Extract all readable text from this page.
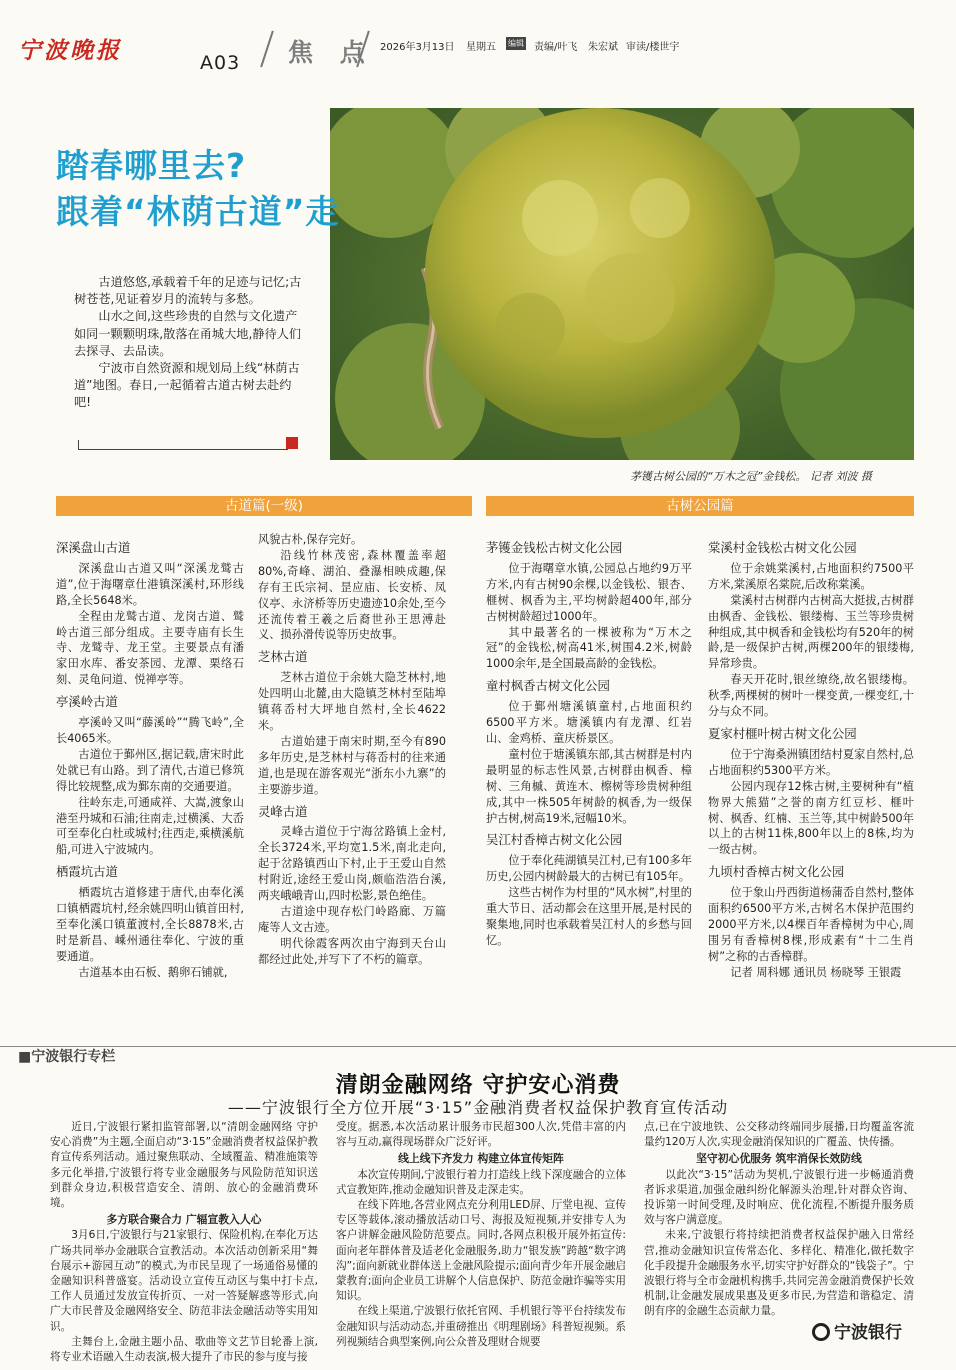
宁波晚报	A03 焦 点 2026年3月13日 星期五 编辑 责编/叶飞 朱宏斌 审读/楼世宇
踏春哪里去?
跟着“林荫古道”走

古道悠悠,承载着千年的足迹与记忆;古树苍苍,见证着岁月的流转与多愁。

山水之间,这些珍贵的自然与文化遗产如同一颗颗明珠,散落在甬城大地,静待人们去探寻、去品读。

宁波市自然资源和规划局上线“林荫古道”地图。春日,一起循着古道古树去赴约吧!

茅镬古树公园的“万木之冠”金钱松。 记者 刘波 摄
古道篇(一级)	古树公园篇
深溪盘山古道

深溪盘山古道又叫“深溪龙鹫古道”,位于海曙章仕港镇深溪村,环形线路,全长5648米。

全程由龙鹫古道、龙岗古道、鹫岭古道三部分组成。主要寺庙有长生寺、龙鹫寺、龙王堂。主要景点有潘家田水库、番安茶园、龙潭、栗络石刻、灵龟问道、悦禅亭等。

亭溪岭古道

亭溪岭又叫“藤溪岭”“腾飞岭”,全长4065米。

古道位于鄞州区,据记载,唐宋时此处就已有山路。到了清代,古道已修筑得比较规整,成为鄞东南的交通要道。

往岭东走,可通咸祥、大嵩,渡象山港至丹城和石浦;往南走,过横溪、大岙可至奉化白杜或城村;往西走,乘横溪航船,可进入宁波城内。

栖霞坑古道

栖霞坑古道修建于唐代,由奉化溪口镇栖霞坑村,经余姚四明山镇首田村,至奉化溪口镇董渡村,全长8878米,古时是新昌、嵊州通往奉化、宁波的重要通道。

古道基本由石板、鹅卵石铺就,

风貌古朴,保存完好。

沿线竹林茂密,森林覆盖率超80%,奇峰、湖泊、叠瀑相映成趣,保存有王氏宗祠、昰应庙、长安桥、凤仪亭、永济桥等历史遗迹10余处,至今还流传着王羲之后裔世孙王思溥赴义、损孙滑传说等历史故事。

芝林古道

芝林古道位于余姚大隐芝林村,地处四明山北麓,由大隐镇芝林村至陆埠镇蒋岙村大坪地自然村,全长4622米。

古道始建于南宋时期,至今有890多年历史,是芝林村与蒋岙村的往来通道,也是现在游客观光“浙东小九寨”的主要游步道。

灵峰古道

灵峰古道位于宁海岔路镇上金村,全长3724米,平均宽1.5米,南北走向,起于岔路镇西山下村,止于王爱山自然村附近,途经王爱山岗,颇临浩浩台溪,两夹峨峨青山,四时松影,景色绝佳。

古道途中现存松门岭路廊、万篇庵等人文古迹。

明代徐霞客两次由宁海到天台山都经过此处,并写下了不朽的篇章。

茅镬金钱松古树文化公园

位于海曙章水镇,公园总占地约9万平方米,内有古树90余棵,以金钱松、银杏、榧树、枫香为主,平均树龄超400年,部分古树树龄超过1000年。

其中最著名的一棵被称为“万木之冠”的金钱松,树高41米,树围4.2米,树龄1000余年,是全国最高龄的金钱松。

童村枫香古树文化公园

位于鄞州塘溪镇童村,占地面积约6500平方米。塘溪镇内有龙潭、红岩山、金鸡桥、童庆桥景区。

童村位于塘溪镇东部,其古树群是村内最明显的标志性风景,古树群由枫香、樟树、三角槭、黄连木、檫树等珍贵树种组成,其中一株505年树龄的枫香,为一级保护古树,树高19米,冠幅10米。

吴江村香樟古树文化公园

位于奉化莼湖镇吴江村,已有100多年历史,公园内树龄最大的古树已有105年。

这些古树作为村里的“风水树”,村里的重大节日、活动都会在这里开展,是村民的聚集地,同时也承载着吴江村人的乡愁与回忆。

棠溪村金钱松古树文化公园

位于余姚棠溪村,占地面积约7500平方米,棠溪原名棠院,后改称棠溪。

棠溪村古树群内古树高大挺拔,古树群由枫香、金钱松、银缕梅、玉兰等珍贵树种组成,其中枫香和金钱松均有520年的树龄,是一级保护古树,两棵200年的银缕梅,异常珍贵。

春天开花时,银丝缭绕,故名银缕梅。秋季,两棵树的树叶一棵变黄,一棵变红,十分与众不同。

夏家村榧叶树古树文化公园

位于宁海桑洲镇团结村夏家自然村,总占地面积约5300平方米。

公园内现存12株古树,主要树种有“植物界大熊猫”之誉的南方红豆杉、榧叶树、枫香、红楠、玉兰等,其中树龄500年以上的古树11株,800年以上的8株,均为一级古树。

九顷村香樟古树文化公园

位于象山丹西街道杨蒲岙自然村,整体面积约6500平方米,古树名木保护范围约2000平方米,以4棵百年香樟树为中心,周围另有香樟树8棵,形成素有“十二生肖树”之称的古香樟群。

记者 周科娜 通讯员 杨晓琴 王银霞

■宁波银行专栏
清朗金融网络 守护安心消费
——宁波银行全方位开展“3·15”金融消费者权益保护教育宣传活动

近日,宁波银行紧扣监管部署,以“清朗金融网络 守护安心消费”为主题,全面启动“3·15”金融消费者权益保护教育宣传系列活动。通过聚焦联动、全域覆盖、精准施策等多元化举措,宁波银行将专业金融服务与风险防范知识送到群众身边,积极营造安全、清朗、放心的金融消费环境。

多方联合聚合力 广辐宣教入人心

3月6日,宁波银行与21家银行、保险机构,在奉化万达广场共同举办金融联合宣教活动。本次活动创新采用“舞台展示+游园互动”的模式,为市民呈现了一场通俗易懂的金融知识科普盛宴。活动设立宣传互动区与集中打卡点,工作人员通过发放宣传折页、一对一答疑解惑等形式,向广大市民普及金融网络安全、防范非法金融活动等实用知识。

主舞台上,金融主题小品、歌曲等文艺节目轮番上演,将专业术语融入生动表演,极大提升了市民的参与度与接

受度。据悉,本次活动累计服务市民超300人次,凭借丰富的内容与互动,赢得现场群众广泛好评。

线上线下齐发力 构建立体宣传矩阵

本次宣传期间,宁波银行着力打造线上线下深度融合的立体式宣教矩阵,推动金融知识普及走深走实。

在线下阵地,各营业网点充分利用LED屏、厅堂电视、宣传专区等载体,滚动播放活动口号、海报及短视频,并安排专人为客户讲解金融风险防范要点。同时,各网点积极开展外拓宣传:面向老年群体普及适老化金融服务,助力“银发族”跨越“数字鸿沟”;面向新就业群体送上金融风险提示;面向青少年开展金融启蒙教育;面向企业员工讲解个人信息保护、防范金融诈骗等实用知识。

在线上渠道,宁波银行依托官网、手机银行等平台持续发布金融知识与活动动态,并重磅推出《明理剧场》科普短视频。系列视频结合典型案例,向公众普及理财合规要

点,已在宁波地铁、公交移动终端同步展播,日均覆盖客流量约120万人次,实现金融消保知识的广覆盖、快传播。

坚守初心优服务 筑牢消保长效防线

以此次“3·15”活动为契机,宁波银行进一步畅通消费者诉求渠道,加强金融纠纷化解源头治理,针对群众咨询、投诉第一时间受理,及时响应、优化流程,不断提升服务质效与客户满意度。

未来,宁波银行将持续把消费者权益保护融入日常经营,推动金融知识宣传常态化、多样化、精准化,做托数字化手段提升金融服务水平,切实守护好群众的“钱袋子”。宁波银行将与全市金融机构携手,共同完善金融消费保护长效机制,让金融发展成果惠及更多市民,为营造和谐稳定、清朗有序的金融生态贡献力量。

宁波银行
